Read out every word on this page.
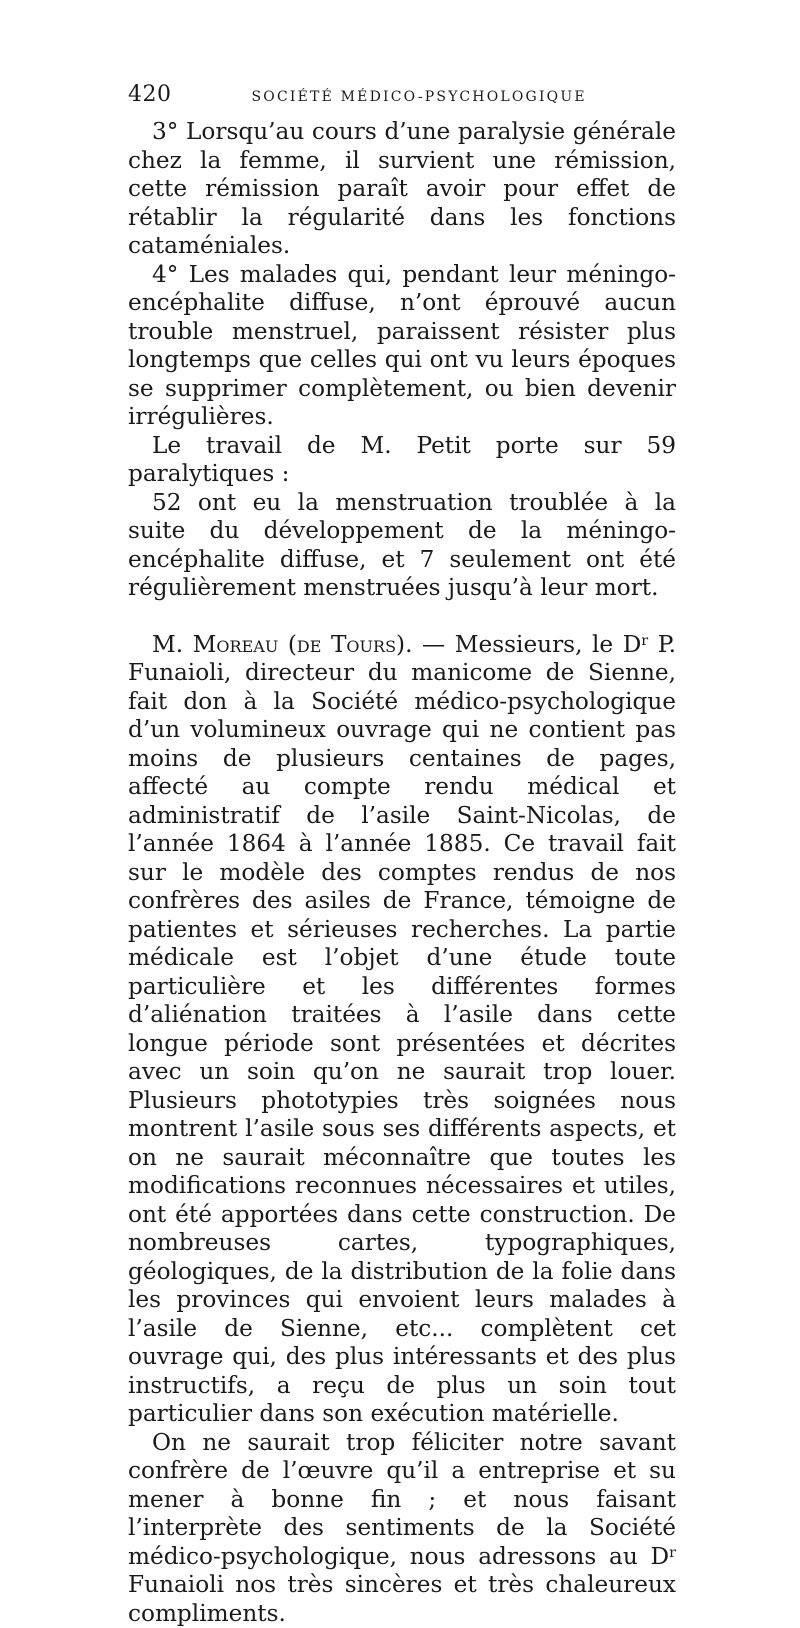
420	SOCIÉTÉ MÉDICO-PSYCHOLOGIQUE

3° Lorsqu’au cours d’une paralysie générale chez la femme, il survient une rémission, cette rémission paraît avoir pour effet de rétablir la régularité dans les fonctions cataméniales.

4° Les malades qui, pendant leur méningo-encéphalite diffuse, n’ont éprouvé aucun trouble menstruel, paraissent résister plus longtemps que celles qui ont vu leurs époques se supprimer complètement, ou bien devenir irrégulières.

Le travail de M. Petit porte sur 59 paralytiques :

52 ont eu la menstruation troublée à la suite du développement de la méningo-encéphalite diffuse, et 7 seulement ont été régulièrement menstruées jusqu’à leur mort.

M. Moreau (de Tours). — Messieurs, le $D^r$ P. Funaioli, directeur du manicome de Sienne, fait don à la Société médico-psychologique d’un volumineux ouvrage qui ne contient pas moins de plusieurs centaines de pages, affecté au compte rendu médical et administratif de l’asile Saint-Nicolas, de l’année 1864 à l’année 1885. Ce travail fait sur le modèle des comptes rendus de nos confrères des asiles de France, témoigne de patientes et sérieuses recherches. La partie médicale est l’objet d’une étude toute particulière et les différentes formes d’aliénation traitées à l’asile dans cette longue période sont présentées et décrites avec un soin qu’on ne saurait trop louer. Plusieurs phototypies très soignées nous montrent l’asile sous ses différents aspects, et on ne saurait méconnaître que toutes les modifications reconnues nécessaires et utiles, ont été apportées dans cette construction. De nombreuses cartes, typographiques, géologiques, de la distribution de la folie dans les provinces qui envoient leurs malades à l’asile de Sienne, etc... complètent cet ouvrage qui, des plus intéressants et des plus instructifs, a reçu de plus un soin tout particulier dans son exécution matérielle.

On ne saurait trop féliciter notre savant confrère de l’œuvre qu’il a entreprise et su mener à bonne fin ; et nous faisant l’interprète des sentiments de la Société médico-psychologique, nous adressons au $D^r$ Funaioli nos très sincères et très chaleureux compliments.
